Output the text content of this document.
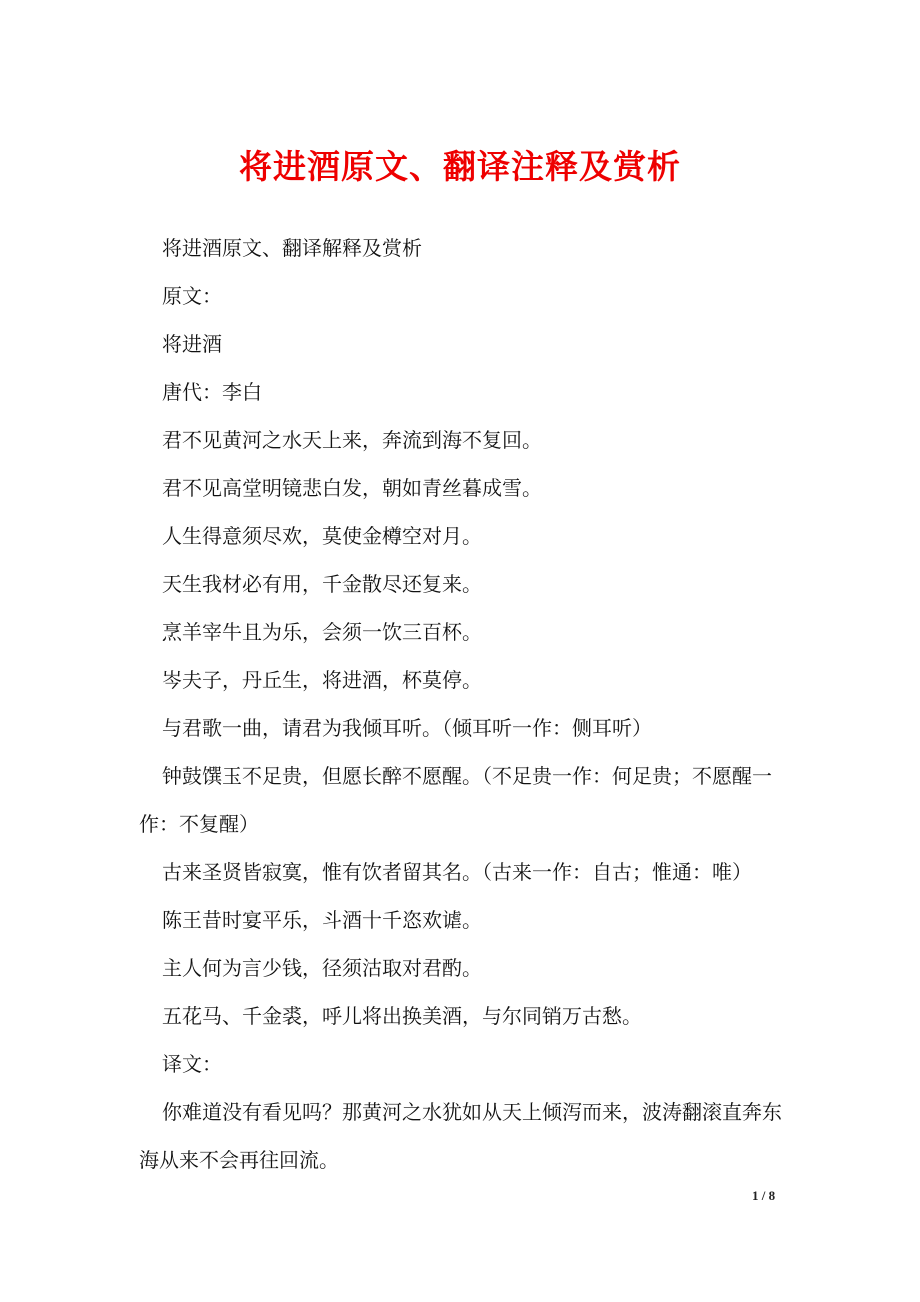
将进酒原文、翻译注释及赏析

将进酒原文、翻译解释及赏析

原文：

将进酒

唐代：李白

君不见黄河之水天上来，奔流到海不复回。

君不见高堂明镜悲白发，朝如青丝暮成雪。

人生得意须尽欢，莫使金樽空对月。

天生我材必有用，千金散尽还复来。

烹羊宰牛且为乐，会须一饮三百杯。

岑夫子，丹丘生，将进酒，杯莫停。

与君歌一曲，请君为我倾耳听。（倾耳听一作：侧耳听）

钟鼓馔玉不足贵，但愿长醉不愿醒。（不足贵一作：何足贵；不愿醒一作：不复醒）

古来圣贤皆寂寞，惟有饮者留其名。（古来一作：自古；惟通：唯）

陈王昔时宴平乐，斗酒十千恣欢谑。

主人何为言少钱，径须沽取对君酌。

五花马、千金裘，呼儿将出换美酒，与尔同销万古愁。

译文：

你难道没有看见吗？那黄河之水犹如从天上倾泻而来，波涛翻滚直奔东海从来不会再往回流。

1 / 8
